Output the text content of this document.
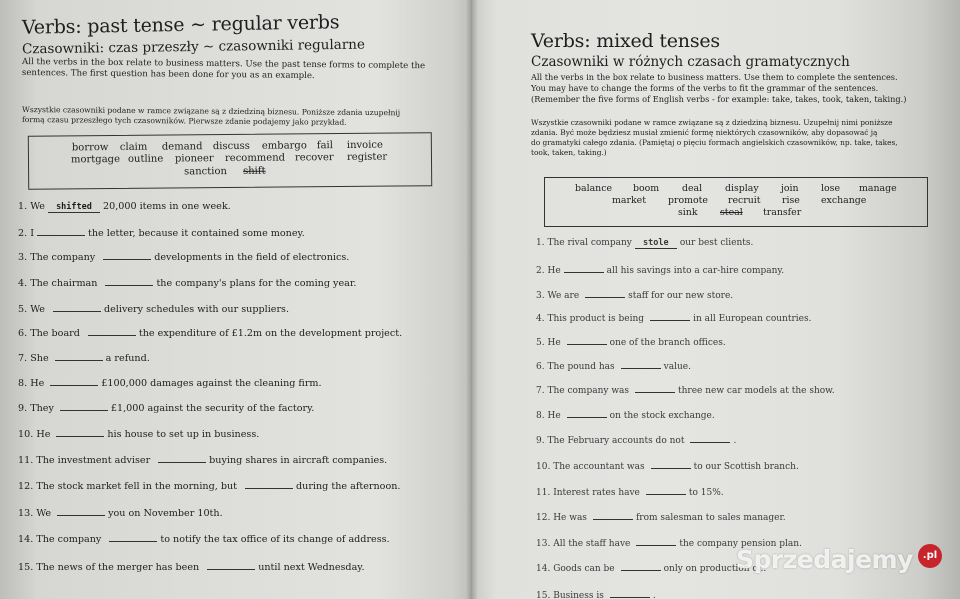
Verbs: past tense ~ regular verbs
Czasowniki: czas przeszły ~ czasowniki regularne
All the verbs in the box relate to business matters. Use the past tense forms to complete the
sentences. The first question has been done for you as an example.
Wszystkie czasowniki podane w ramce związane są z dziedziną biznesu. Poniższe zdania uzupełnij
formą czasu przeszłego tych czasowników. Pierwsze zdanie podajemy jako przykład.
borrow claim demand discuss embargo fail invoice
mortgage outline pioneer recommend recover register
sanction shift
1. We shifted 20,000 items in one week.
2. I	the letter, because it contained some money.
3. The company	developments in the field of electronics.
4. The chairman	the company's plans for the coming year.
5. We	delivery schedules with our suppliers.
6. The board	the expenditure of £1.2m on the development project.
7. She	a refund.
8. He	£100,000 damages against the cleaning firm.
9. They	£1,000 against the security of the factory.
10. He	his house to set up in business.
11. The investment adviser	buying shares in aircraft companies.
12. The stock market fell in the morning, but	during the afternoon.
13. We	you on November 10th.
14. The company	to notify the tax office of its change of address.
15. The news of the merger has been	until next Wednesday.
Verbs: mixed tenses
Czasowniki w różnych czasach gramatycznych
All the verbs in the box relate to business matters. Use them to complete the sentences.
You may have to change the forms of the verbs to fit the grammar of the sentences.
(Remember the five forms of English verbs - for example: take, takes, took, taken, taking.)
Wszystkie czasowniki podane w ramce związane są z dziedziną biznesu. Uzupełnij nimi poniższe
zdania. Być może będziesz musiał zmienić formę niektórych czasowników, aby dopasować ją
do gramatyki całego zdania. (Pamiętaj o pięciu formach angielskich czasowników, np. take, takes,
took, taken, taking.)
balance boom deal display join lose manage
market promote recruit rise exchange
sink steal transfer
1. The rival company stole our best clients.
2. He	all his savings into a car-hire company.
3. We are	staff for our new store.
4. This product is being	in all European countries.
5. He	one of the branch offices.
6. The pound has	value.
7. The company was	three new car models at the show.
8. He	on the stock exchange.
9. The February accounts do not	.
10. The accountant was	to our Scottish branch.
11. Interest rates have	to 15%.
12. He was	from salesman to sales manager.
13. All the staff have	the company pension plan.
14. Goods can be	only on production o...
15. Business is	.
Sprzedajemy .pl
